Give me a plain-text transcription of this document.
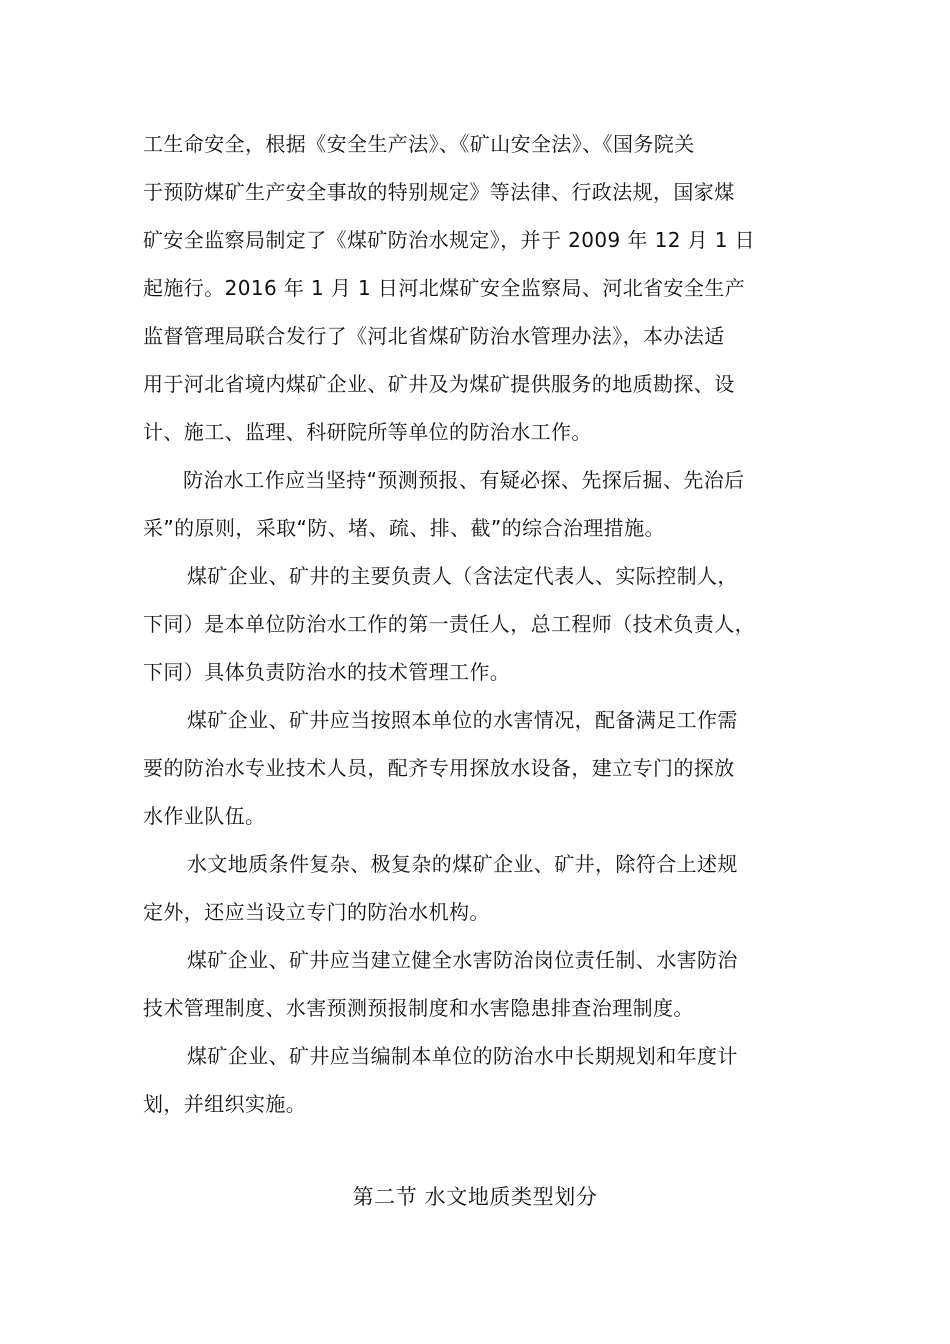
工生命安全，根据《安全生产法》、《矿山安全法》、《国务院关
于预防煤矿生产安全事故的特别规定》等法律、行政法规，国家煤
矿安全监察局制定了《煤矿防治水规定》，并于 2009 年 12 月 1 日
起施行。2016 年 1 月 1 日河北煤矿安全监察局、河北省安全生产
监督管理局联合发行了《河北省煤矿防治水管理办法》，本办法适
用于河北省境内煤矿企业、矿井及为煤矿提供服务的地质勘探、设
计、施工、监理、科研院所等单位的防治水工作。
防治水工作应当坚持“预测预报、有疑必探、先探后掘、先治后
采”的原则，采取“防、堵、疏、排、截”的综合治理措施。
煤矿企业、矿井的主要负责人（含法定代表人、实际控制人，
下同）是本单位防治水工作的第一责任人，总工程师（技术负责人，
下同）具体负责防治水的技术管理工作。
煤矿企业、矿井应当按照本单位的水害情况，配备满足工作需
要的防治水专业技术人员，配齐专用探放水设备，建立专门的探放
水作业队伍。
水文地质条件复杂、极复杂的煤矿企业、矿井，除符合上述规
定外，还应当设立专门的防治水机构。
煤矿企业、矿井应当建立健全水害防治岗位责任制、水害防治
技术管理制度、水害预测预报制度和水害隐患排查治理制度。
煤矿企业、矿井应当编制本单位的防治水中长期规划和年度计
划，并组织实施。
第二节 水文地质类型划分
